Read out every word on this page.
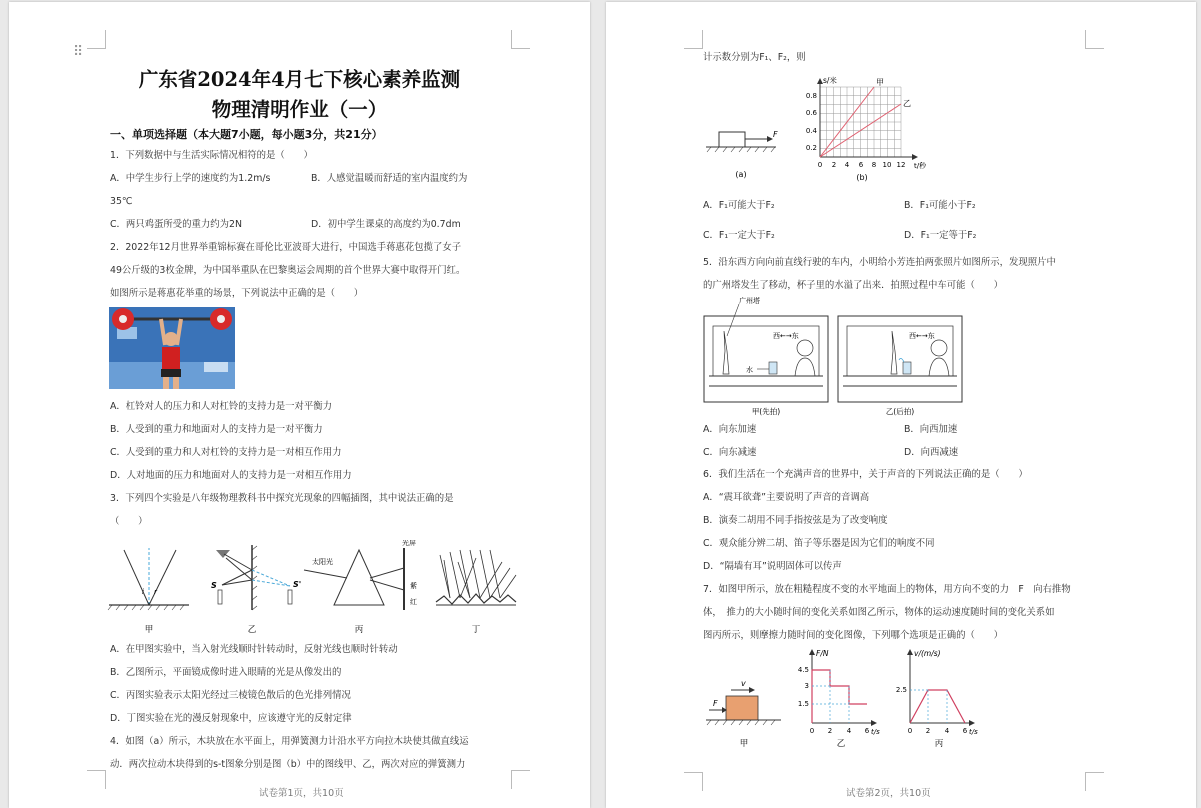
⠿
广东省2024年4月七下核心素养监测
物理清明作业（一）
一、单项选择题（本大题7小题，每小题3分，共21分）
1．下列数据中与生活实际情况相符的是（　　）
A．中学生步行上学的速度约为1.2m/s	B．人感觉温暖而舒适的室内温度约为
35℃
C．两只鸡蛋所受的重力约为2N	D．初中学生课桌的高度约为0.7dm
2．2022年12月世界举重锦标赛在哥伦比亚波哥大进行，中国选手蒋惠花包揽了女子
49公斤级的3枚金牌，为中国举重队在巴黎奥运会周期的首个世界大赛中取得开门红。
如图所示是蒋惠花举重的场景，下列说法中正确的是（　　）
A．杠铃对人的压力和人对杠铃的支持力是一对平衡力
B．人受到的重力和地面对人的支持力是一对平衡力
C．人受到的重力和人对杠铃的支持力是一对相互作用力
D．人对地面的压力和地面对人的支持力是一对相互作用力
3．下列四个实验是八年级物理教科书中探究光现象的四幅插图，其中说法正确的是
（　　）
i r
甲
S	S'
乙
太阳光
光屏
紫
红
丙	丁
A．在甲图实验中，当入射光线顺时针转动时，反射光线也顺时针转动
B．乙图所示，平面镜成像时进入眼睛的光是从像发出的
C．丙图实验表示太阳光经过三棱镜色散后的色光排列情况
D．丁图实验在光的漫反射现象中，应该遵守光的反射定律
4．如图（a）所示，木块放在水平面上，用弹簧测力计沿水平方向拉木块使其做直线运
动．两次拉动木块得到的s-t图象分别是图（b）中的图线甲、乙，两次对应的弹簧测力
试卷第1页，共10页
计示数分别为F₁、F₂，则
F
(a)
s/米
t/秒
甲
乙
0.8
0.6
0.4
0.2
0 2 4 6 8 10 12
(b)
A．F₁可能大于F₂	B．F₁可能小于F₂
C．F₁一定大于F₂	D．F₁一定等于F₂
5．沿东西方向向前直线行驶的车内，小明给小芳连拍两张照片如图所示，发现照片中
的广州塔发生了移动，杯子里的水溢了出来．拍照过程中车可能（　　）
广州塔
西←→东
水
甲(先拍)
西←→东
乙(后拍)
A．向东加速	B．向西加速
C．向东减速	D．向西减速
6．我们生活在一个充满声音的世界中，关于声音的下列说法正确的是（　　）
A．“震耳欲聋”主要说明了声音的音调高
B．演奏二胡用不同手指按弦是为了改变响度
C．观众能分辨二胡、笛子等乐器是因为它们的响度不同
D．“隔墙有耳”说明固体可以传声
7．如图甲所示，放在粗糙程度不变的水平地面上的物体，用方向不变的力　F　向右推物
体，　推力的大小随时间的变化关系如图乙所示，物体的运动速度随时间的变化关系如
图丙所示，则摩擦力随时间的变化图像，下列哪个选项是正确的（　　）
F
v
甲
F/N
t/s
4.5
3
1.5
0 2 4 6
乙
v/(m/s)
t/s
2.5
0 2 4 6
丙
试卷第2页，共10页
